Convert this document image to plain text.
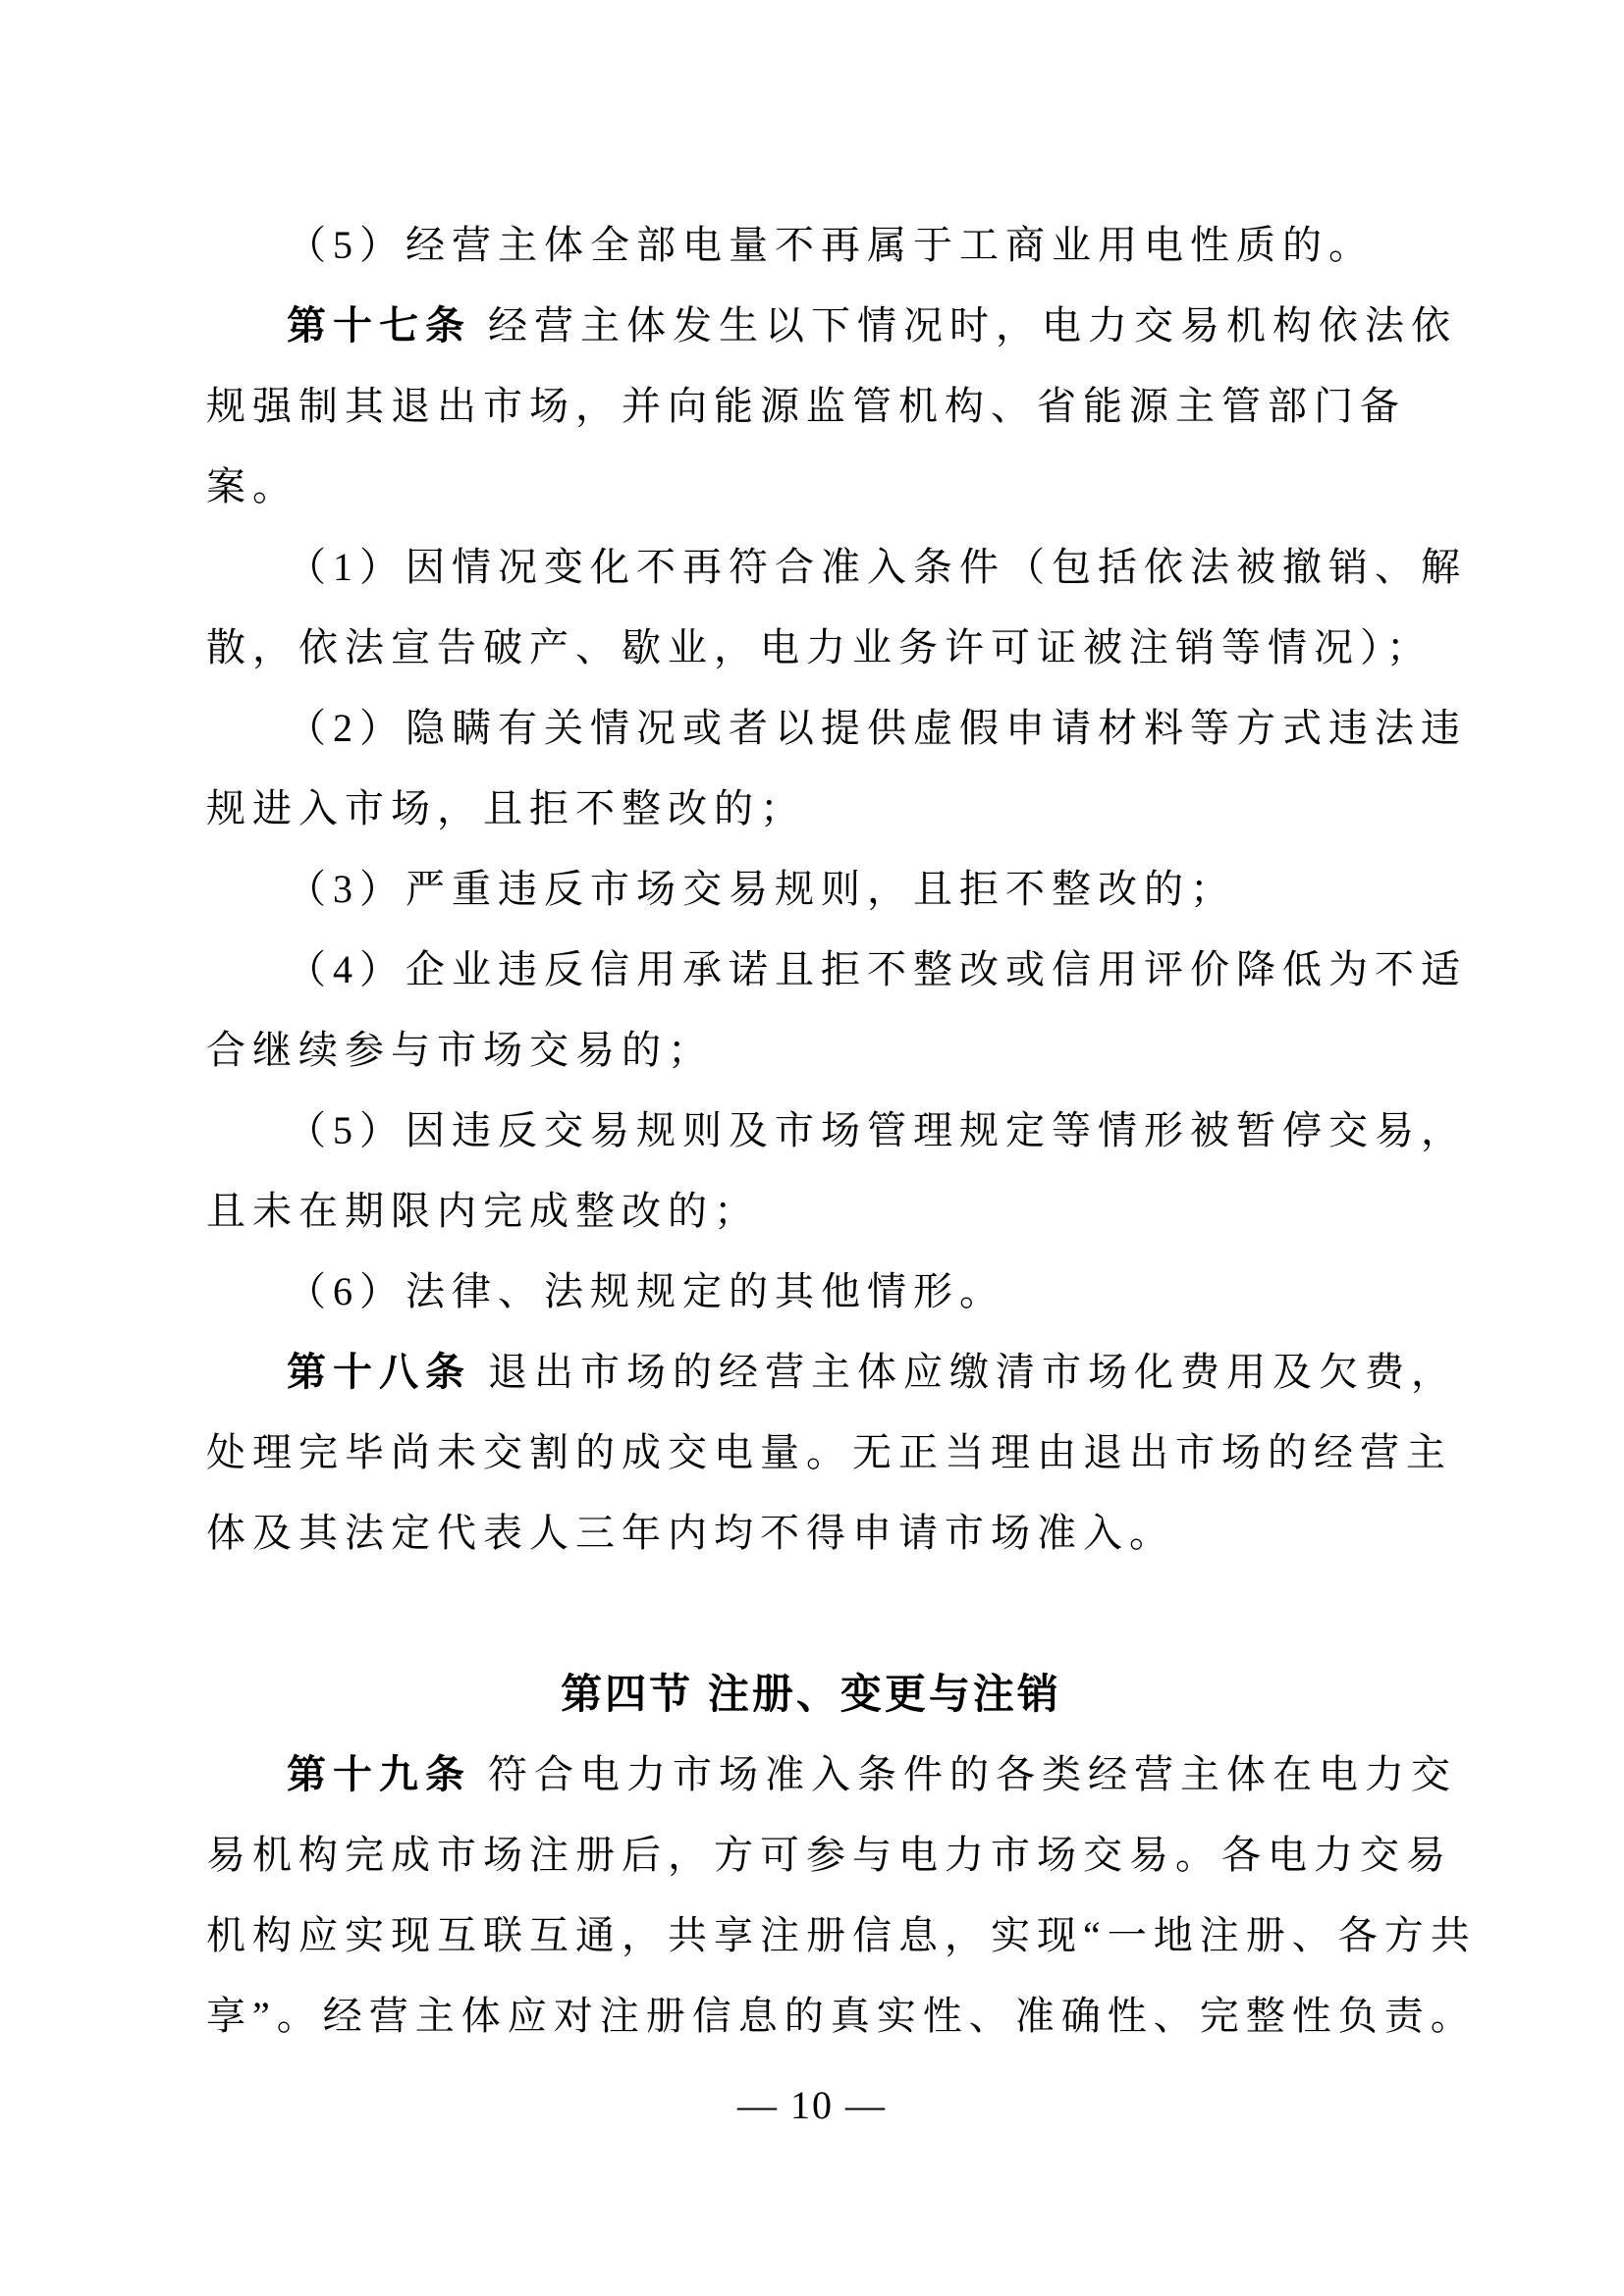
（5）经营主体全部电量不再属于工商业用电性质的。
第十七条 经营主体发生以下情况时，电力交易机构依法依
规强制其退出市场，并向能源监管机构、省能源主管部门备
案。
（1）因情况变化不再符合准入条件（包括依法被撤销、解
散，依法宣告破产、歇业，电力业务许可证被注销等情况）；
（2）隐瞒有关情况或者以提供虚假申请材料等方式违法违
规进入市场，且拒不整改的；
（3）严重违反市场交易规则，且拒不整改的；
（4）企业违反信用承诺且拒不整改或信用评价降低为不适
合继续参与市场交易的；
（5）因违反交易规则及市场管理规定等情形被暂停交易，
且未在期限内完成整改的；
（6）法律、法规规定的其他情形。
第十八条 退出市场的经营主体应缴清市场化费用及欠费，
处理完毕尚未交割的成交电量。无正当理由退出市场的经营主
体及其法定代表人三年内均不得申请市场准入。
第四节 注册、变更与注销
第十九条 符合电力市场准入条件的各类经营主体在电力交
易机构完成市场注册后，方可参与电力市场交易。各电力交易
机构应实现互联互通，共享注册信息，实现“一地注册、各方共
享”。经营主体应对注册信息的真实性、准确性、完整性负责。
— 10 —
